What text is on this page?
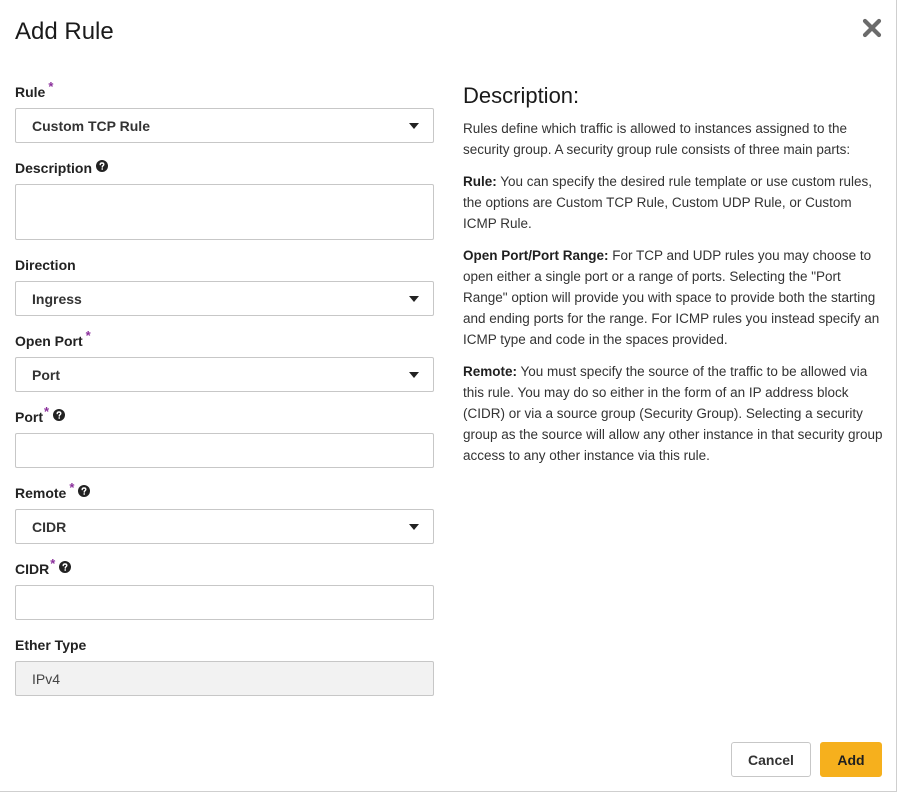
Add Rule
Rule *
Custom TCP Rule
Description
Direction
Ingress
Open Port *
Port
Port*
Remote *
CIDR
CIDR*
Ether Type
IPv4
Description:

Rules define which traffic is allowed to instances assigned to the security group. A security group rule consists of three main parts:

Rule: You can specify the desired rule template or use custom rules, the options are Custom TCP Rule, Custom UDP Rule, or Custom ICMP Rule.

Open Port/Port Range: For TCP and UDP rules you may choose to open either a single port or a range of ports. Selecting the "Port Range" option will provide you with space to provide both the starting and ending ports for the range. For ICMP rules you instead specify an ICMP type and code in the spaces provided.

Remote: You must specify the source of the traffic to be allowed via this rule. You may do so either in the form of an IP address block (CIDR) or via a source group (Security Group). Selecting a security group as the source will allow any other instance in that security group access to any other instance via this rule.

Cancel	Add
